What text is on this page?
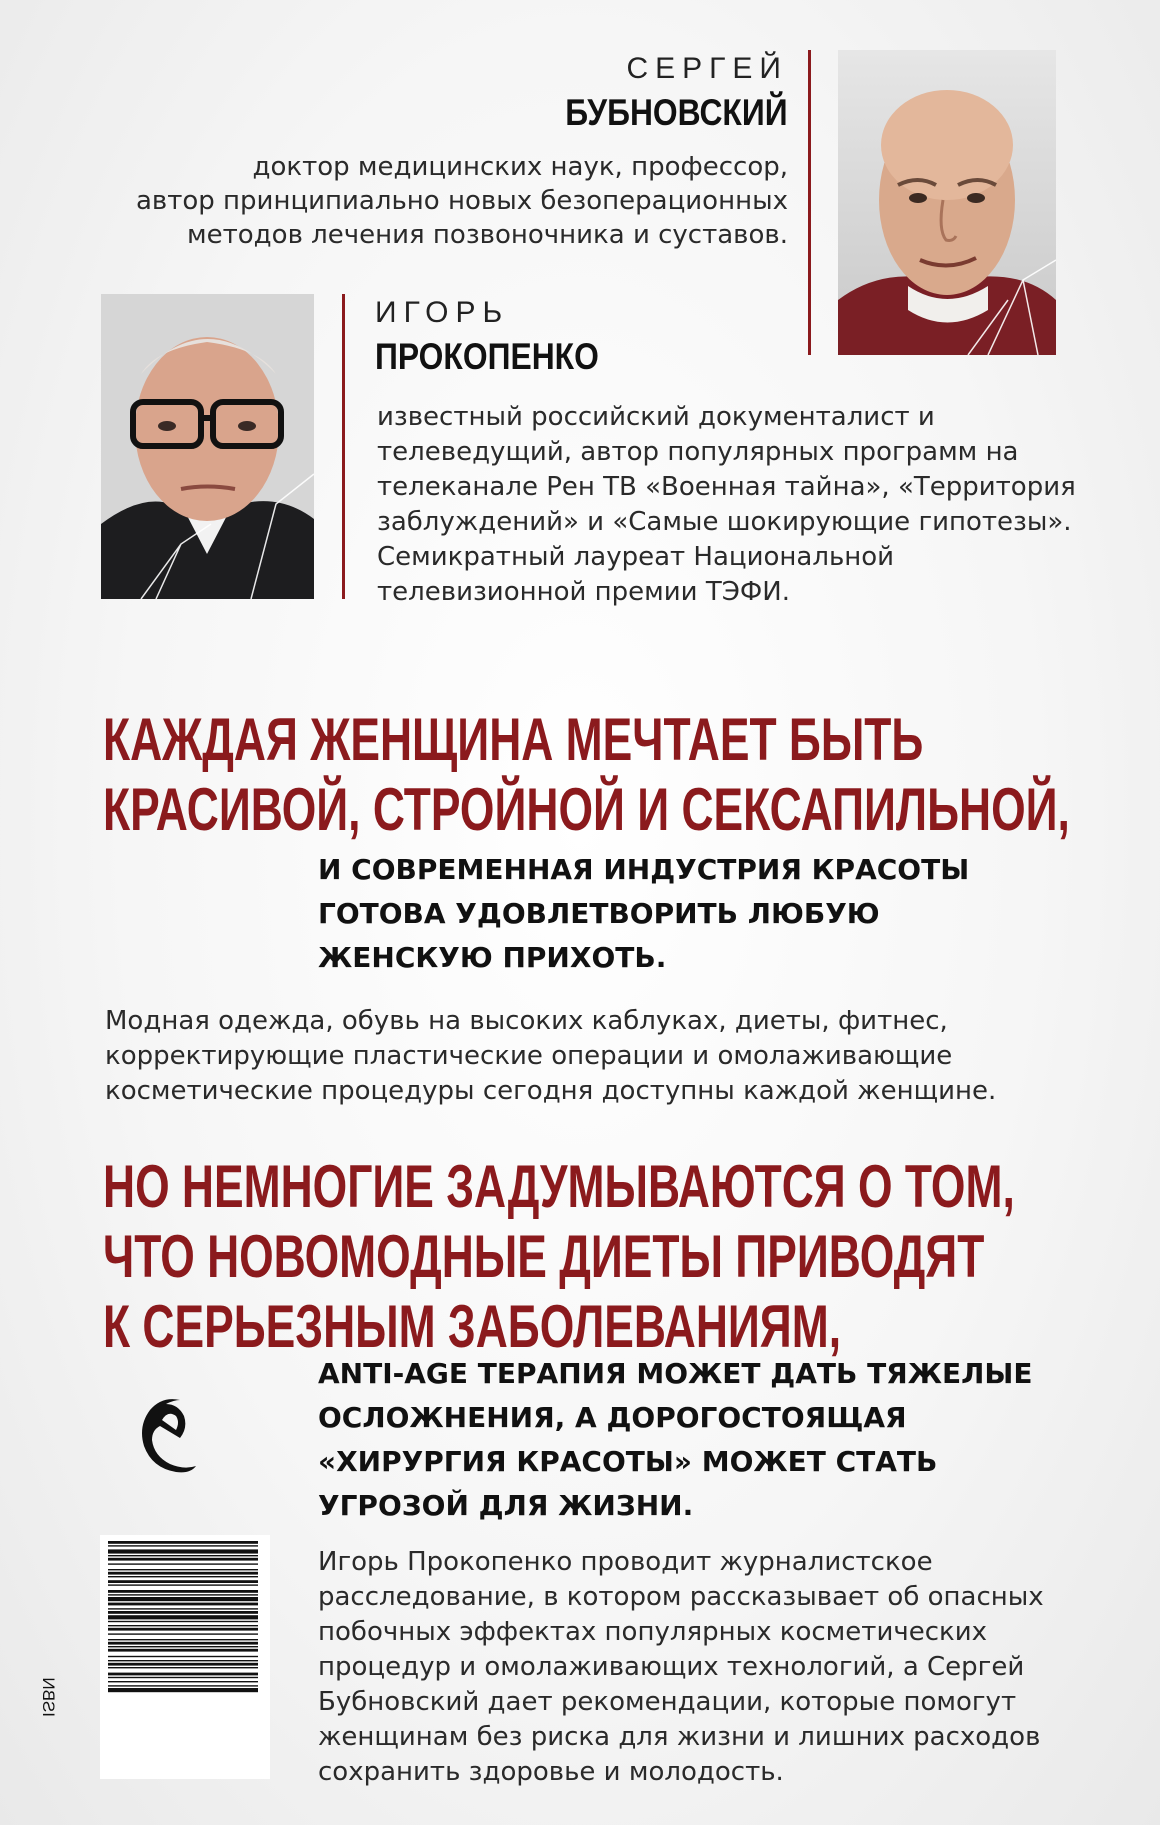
СЕРГЕЙ
БУБНОВСКИЙ
доктор медицинских наук, профессор,
автор принципиально новых безоперационных
методов лечения позвоночника и суставов.
ИГОРЬ
ПРОКОПЕНКО
известный российский документалист и
телеведущий, автор популярных программ на
телеканале Рен ТВ «Военная тайна», «Территория
заблуждений» и «Самые шокирующие гипотезы».
Семикратный лауреат Национальной
телевизионной премии ТЭФИ.
КАЖДАЯ ЖЕНЩИНА МЕЧТАЕТ БЫТЬ
КРАСИВОЙ, СТРОЙНОЙ И СЕКСАПИЛЬНОЙ,
И СОВРЕМЕННАЯ ИНДУСТРИЯ КРАСОТЫ
ГОТОВА УДОВЛЕТВОРИТЬ ЛЮБУЮ
ЖЕНСКУЮ ПРИХОТЬ.
Модная одежда, обувь на высоких каблуках, диеты, фитнес,
корректирующие пластические операции и омолаживающие
косметические процедуры сегодня доступны каждой женщине.
НО НЕМНОГИЕ ЗАДУМЫВАЮТСЯ О ТОМ,
ЧТО НОВОМОДНЫЕ ДИЕТЫ ПРИВОДЯТ
К СЕРЬЕЗНЫМ ЗАБОЛЕВАНИЯМ,
ANTI-AGE ТЕРАПИЯ МОЖЕТ ДАТЬ ТЯЖЕЛЫЕ
ОСЛОЖНЕНИЯ, А ДОРОГОСТОЯЩАЯ
«ХИРУРГИЯ КРАСОТЫ» МОЖЕТ СТАТЬ
УГРОЗОЙ ДЛЯ ЖИЗНИ.
ISBN
Игорь Прокопенко проводит журналистское
расследование, в котором рассказывает об опасных
побочных эффектах популярных косметических
процедур и омолаживающих технологий, а Сергей
Бубновский дает рекомендации, которые помогут
женщинам без риска для жизни и лишних расходов
сохранить здоровье и молодость.
